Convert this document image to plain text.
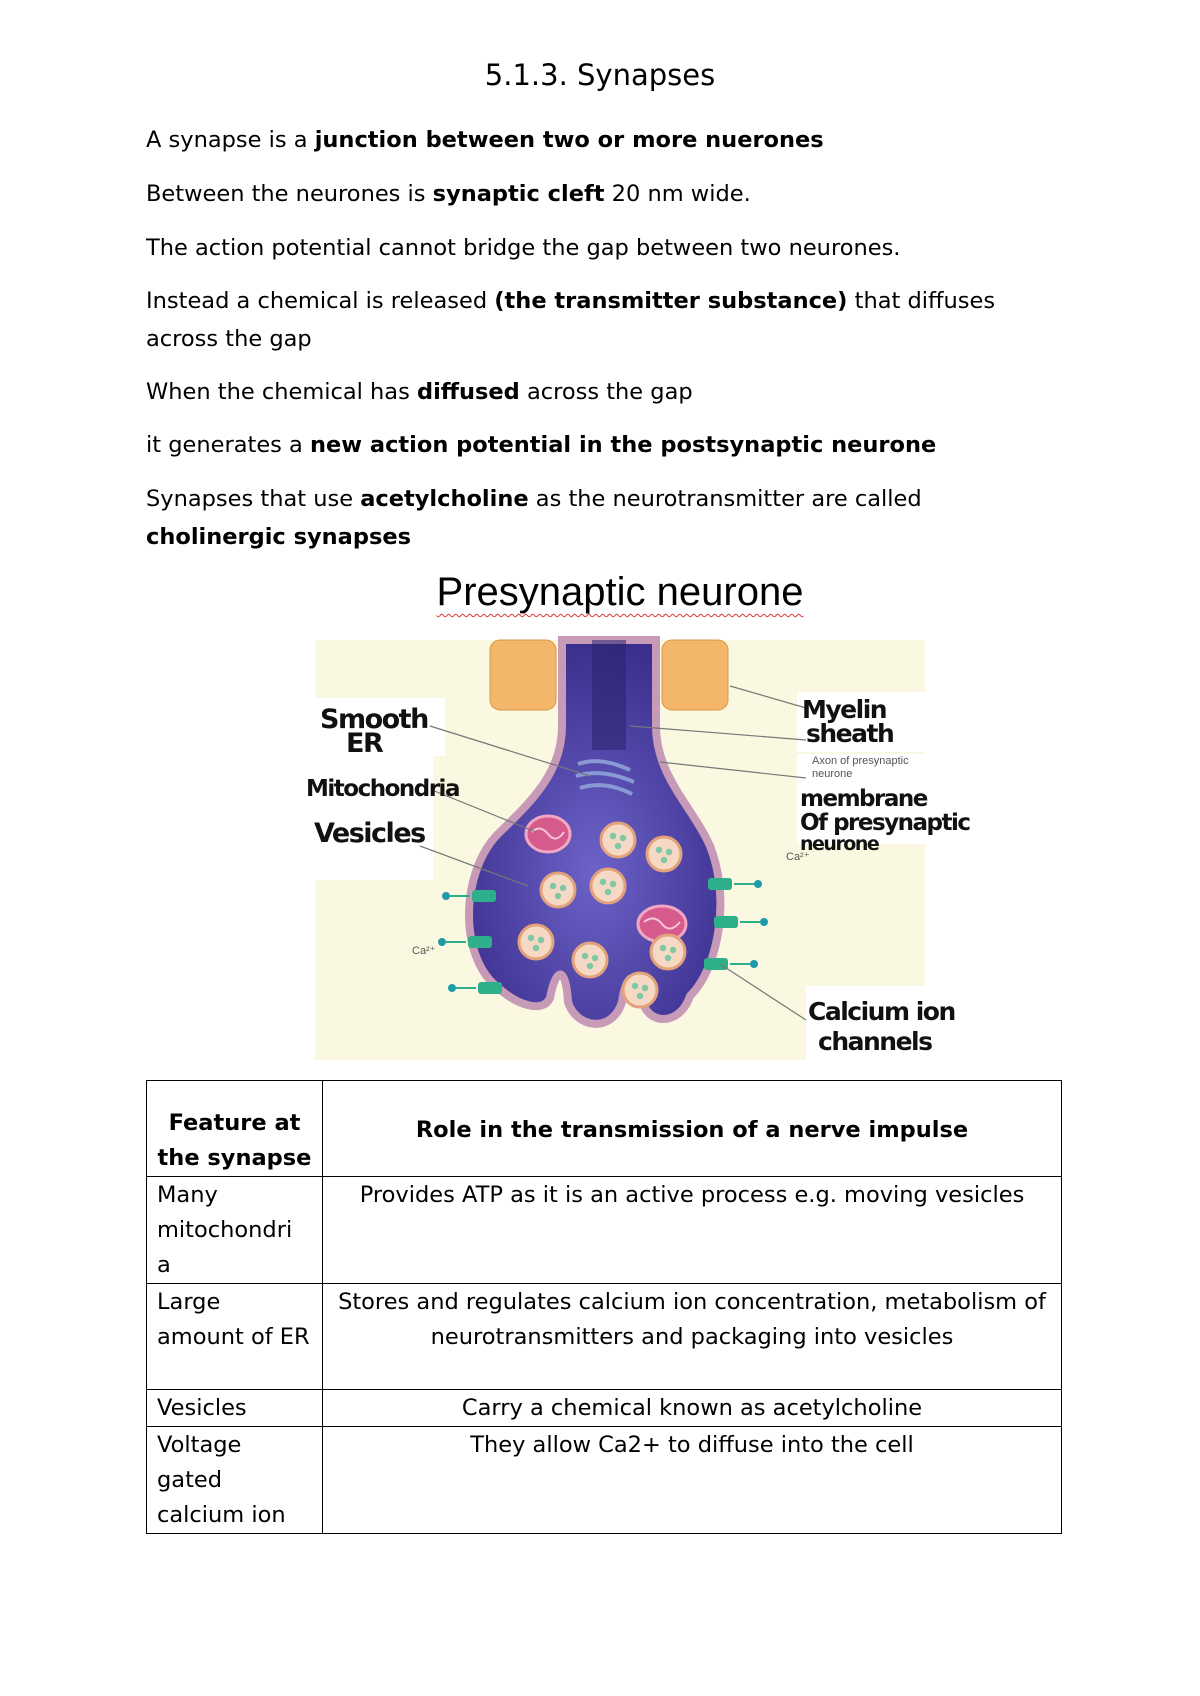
5.1.3. Synapses

A synapse is a junction between two or more nuerones

Between the neurones is synaptic cleft 20 nm wide.

The action potential cannot bridge the gap between two neurones.

Instead a chemical is released (the transmitter substance) that diffuses across the gap

When the chemical has diffused across the gap

it generates a new action potential in the postsynaptic neurone

Synapses that use acetylcholine as the neurotransmitter are called cholinergic synapses

Presynaptic neurone
Smooth
ER
Mitochondria
Vesicles
Myelin
sheath
Axon of presynaptic
neurone
membrane
Of presynaptic
neurone
Ca²⁺
Ca²⁺
Calcium ion
channels
Feature at the synapse	Role in the transmission of a nerve impulse
Many mitochondri a	Provides ATP as it is an active process e.g. moving vesicles
Large amount of ER	Stores and regulates calcium ion concentration, metabolism of neurotransmitters and packaging into vesicles
Vesicles	Carry a chemical known as acetylcholine
Voltage gated calcium ion	They allow Ca2+ to diffuse into the cell
